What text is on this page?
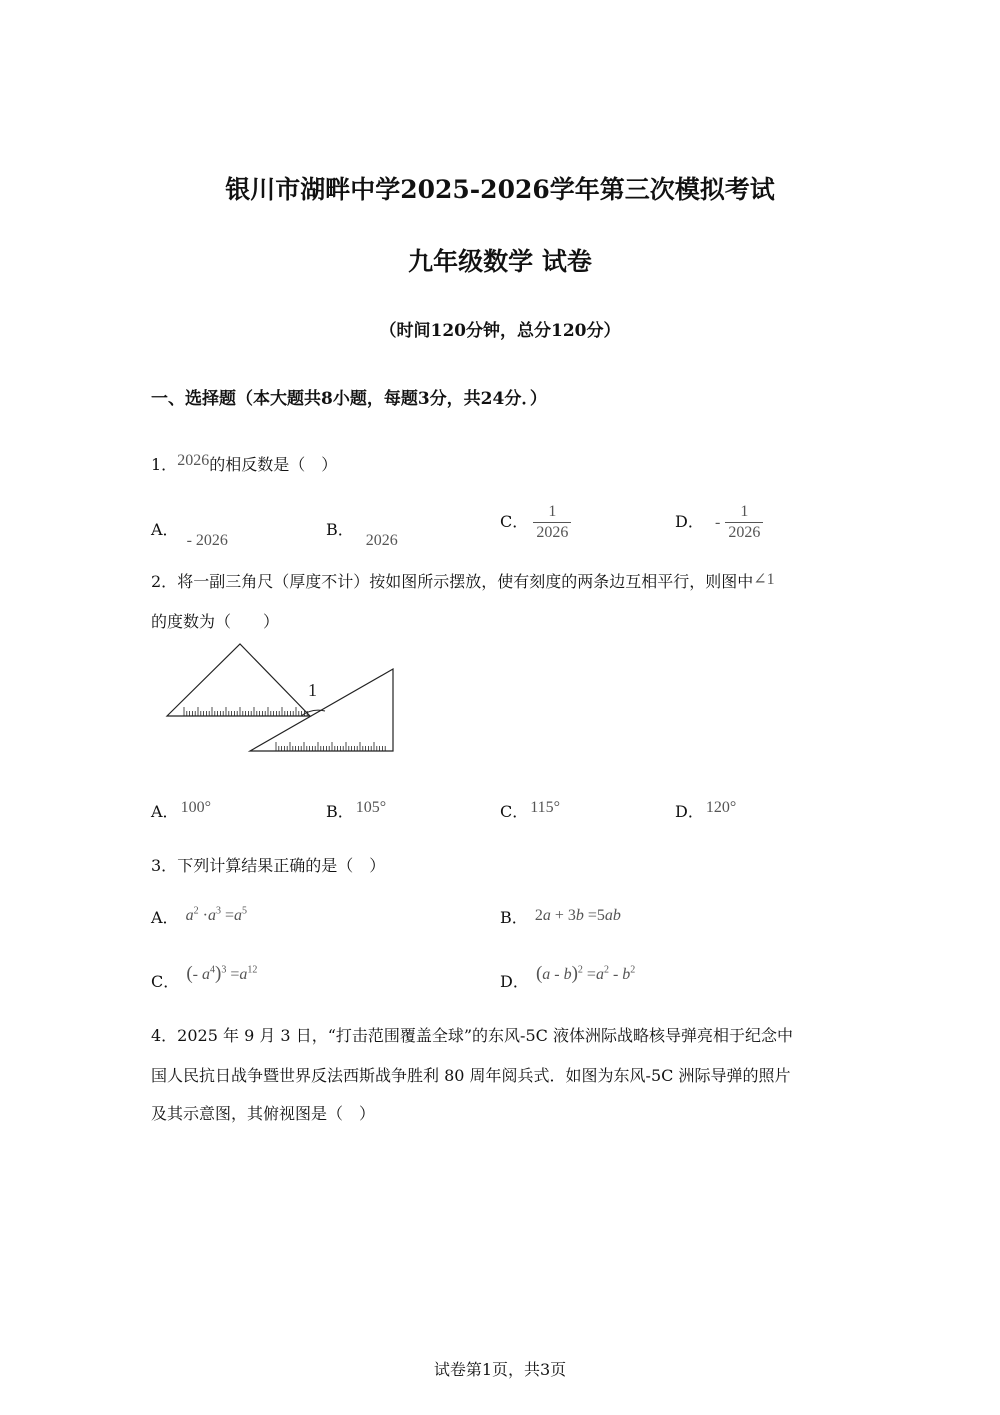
银川市湖畔中学2025-2026学年第三次模拟考试
九年级数学 试卷
（时间120分钟，总分120分）
一、选择题（本大题共8小题，每题3分，共24分．）
1．2026的相反数是（　）
A．- 2026
B．2026
C． $\frac{1}{2026}$	D． - $\frac{1}{2026}$
2．将一副三角尺（厚度不计）按如图所示摆放，使有刻度的两条边互相平行，则图中∠1
的度数为（　　）
1
A． 100°	B． 105°	C． 115°	D． 120°
3．下列计算结果正确的是（　）
A． $a^2 \cdot a^3 =a^5$	B． 2a + 3b =5ab
C． (- $a^4)^3 =a^{12}$
D． $(a - b)^2 =a^2 - b^2$
4．2025 年 9 月 3 日，“打击范围覆盖全球”的东风-5C 液体洲际战略核导弹亮相于纪念中
国人民抗日战争暨世界反法西斯战争胜利 80 周年阅兵式．如图为东风-5C 洲际导弹的照片
及其示意图，其俯视图是（　）
试卷第1页，共3页
